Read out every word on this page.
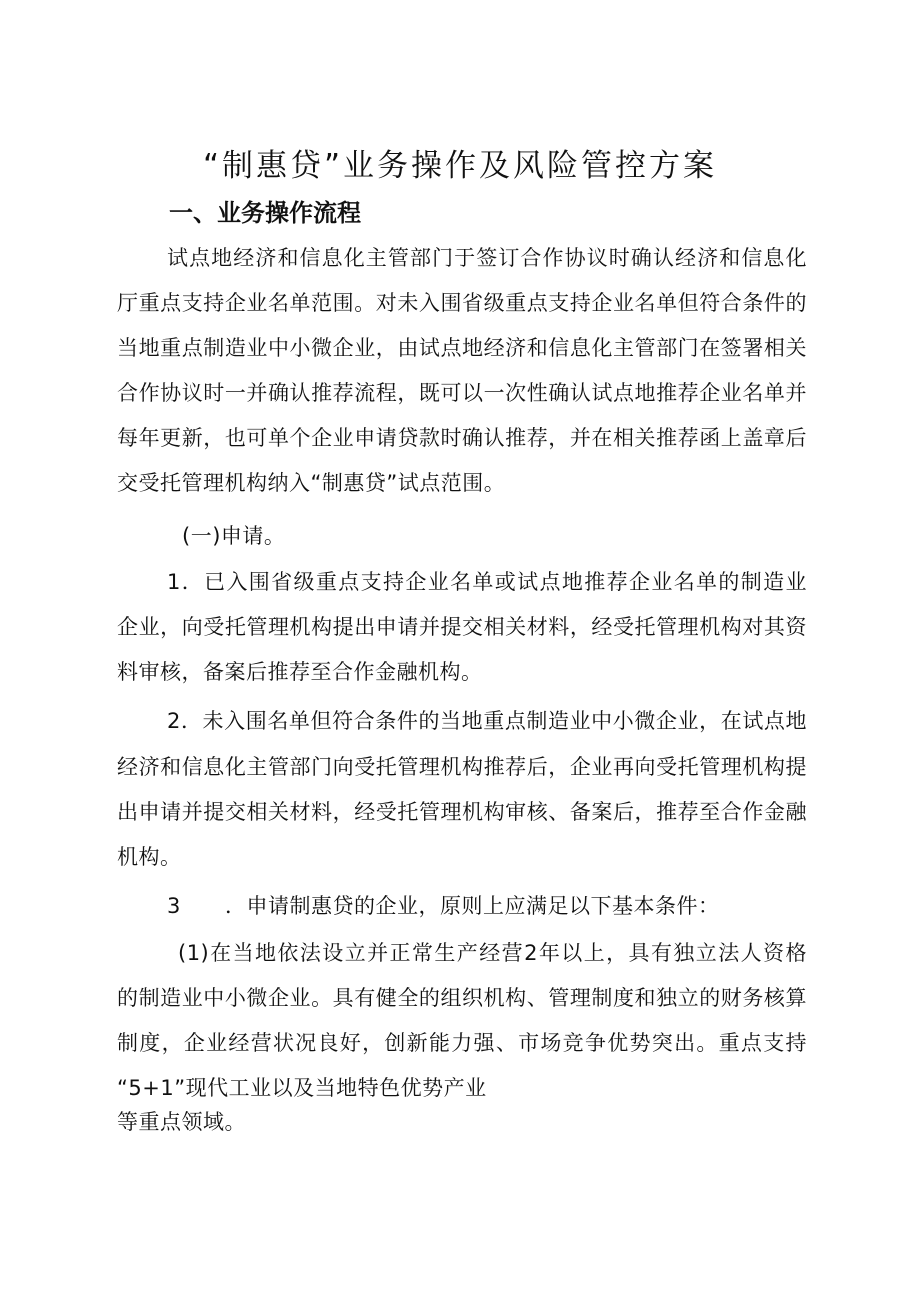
“制惠贷”业务操作及风险管控方案
一、业务操作流程
试点地经济和信息化主管部门于签订合作协议时确认经济和信息化
厅重点支持企业名单范围。对未入围省级重点支持企业名单但符合条件的
当地重点制造业中小微企业，由试点地经济和信息化主管部门在签署相关
合作协议时一并确认推荐流程，既可以一次性确认试点地推荐企业名单并
每年更新，也可单个企业申请贷款时确认推荐，并在相关推荐函上盖章后
交受托管理机构纳入“制惠贷”试点范围。
(一)申请。
1．已入围省级重点支持企业名单或试点地推荐企业名单的制造业
企业，向受托管理机构提出申请并提交相关材料，经受托管理机构对其资
料审核，备案后推荐至合作金融机构。
2．未入围名单但符合条件的当地重点制造业中小微企业，在试点地
经济和信息化主管部门向受托管理机构推荐后，企业再向受托管理机构提
出申请并提交相关材料，经受托管理机构审核、备案后，推荐至合作金融
机构。
3 ．申请制惠贷的企业，原则上应满足以下基本条件：
(1)在当地依法设立并正常生产经营2年以上，具有独立法人资格
的制造业中小微企业。具有健全的组织机构、管理制度和独立的财务核算
制度，企业经营状况良好，创新能力强、市场竞争优势突出。重点支持
“5+1”现代工业以及当地特色优势产业
等重点领域。
